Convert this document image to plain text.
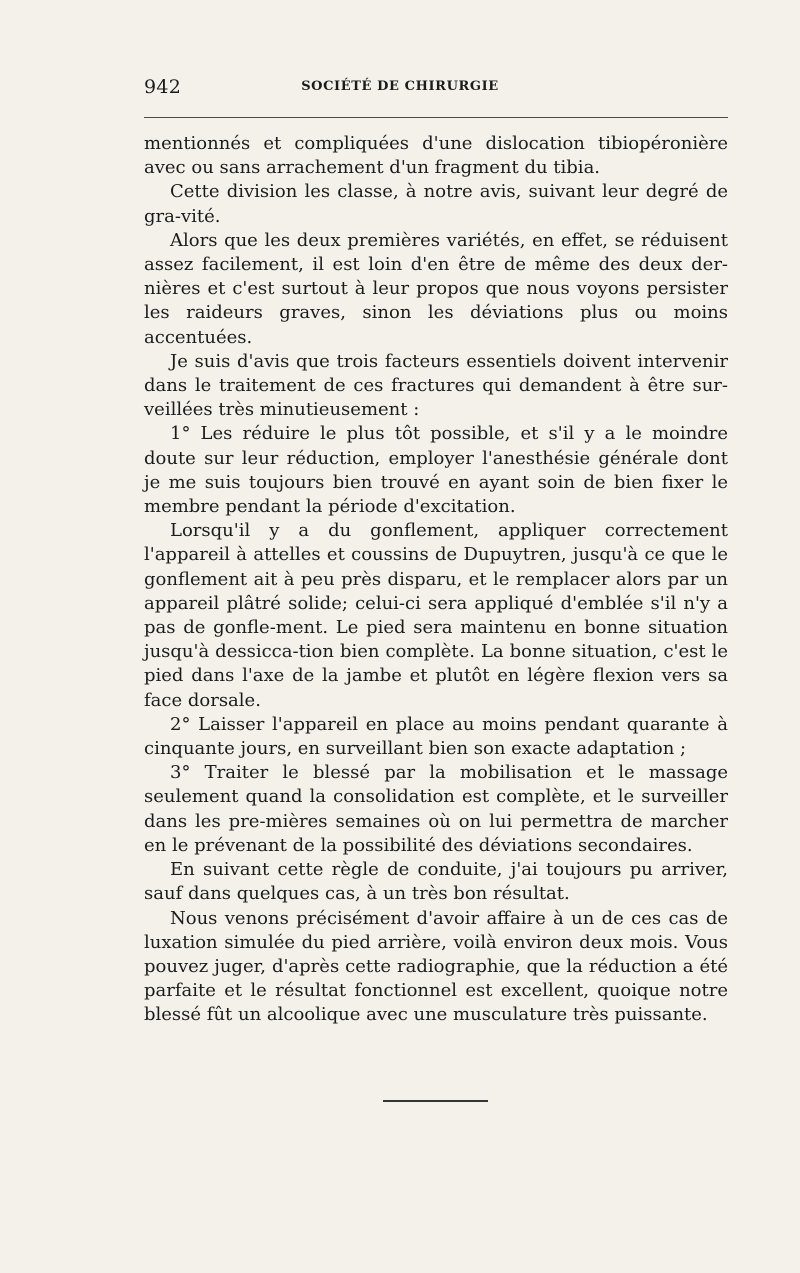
942	SOCIÉTÉ DE CHIRURGIE

mentionnés et compliquées d'une dislocation tibiopéronière avec ou sans arrachement d'un fragment du tibia.

Cette division les classe, à notre avis, suivant leur degré de gra-vité.

Alors que les deux premières variétés, en effet, se réduisent assez facilement, il est loin d'en être de même des deux der-nières et c'est surtout à leur propos que nous voyons persister les raideurs graves, sinon les déviations plus ou moins accentuées.

Je suis d'avis que trois facteurs essentiels doivent intervenir dans le traitement de ces fractures qui demandent à être sur-veillées très minutieusement :

1° Les réduire le plus tôt possible, et s'il y a le moindre doute sur leur réduction, employer l'anesthésie générale dont je me suis toujours bien trouvé en ayant soin de bien fixer le membre pendant la période d'excitation.

Lorsqu'il y a du gonflement, appliquer correctement l'appareil à attelles et coussins de Dupuytren, jusqu'à ce que le gonflement ait à peu près disparu, et le remplacer alors par un appareil plâtré solide; celui-ci sera appliqué d'emblée s'il n'y a pas de gonfle-ment. Le pied sera maintenu en bonne situation jusqu'à dessicca-tion bien complète. La bonne situation, c'est le pied dans l'axe de la jambe et plutôt en légère flexion vers sa face dorsale.

2° Laisser l'appareil en place au moins pendant quarante à cinquante jours, en surveillant bien son exacte adaptation ;

3° Traiter le blessé par la mobilisation et le massage seulement quand la consolidation est complète, et le surveiller dans les pre-mières semaines où on lui permettra de marcher en le prévenant de la possibilité des déviations secondaires.

En suivant cette règle de conduite, j'ai toujours pu arriver, sauf dans quelques cas, à un très bon résultat.

Nous venons précisément d'avoir affaire à un de ces cas de luxation simulée du pied arrière, voilà environ deux mois. Vous pouvez juger, d'après cette radiographie, que la réduction a été parfaite et le résultat fonctionnel est excellent, quoique notre blessé fût un alcoolique avec une musculature très puissante.
